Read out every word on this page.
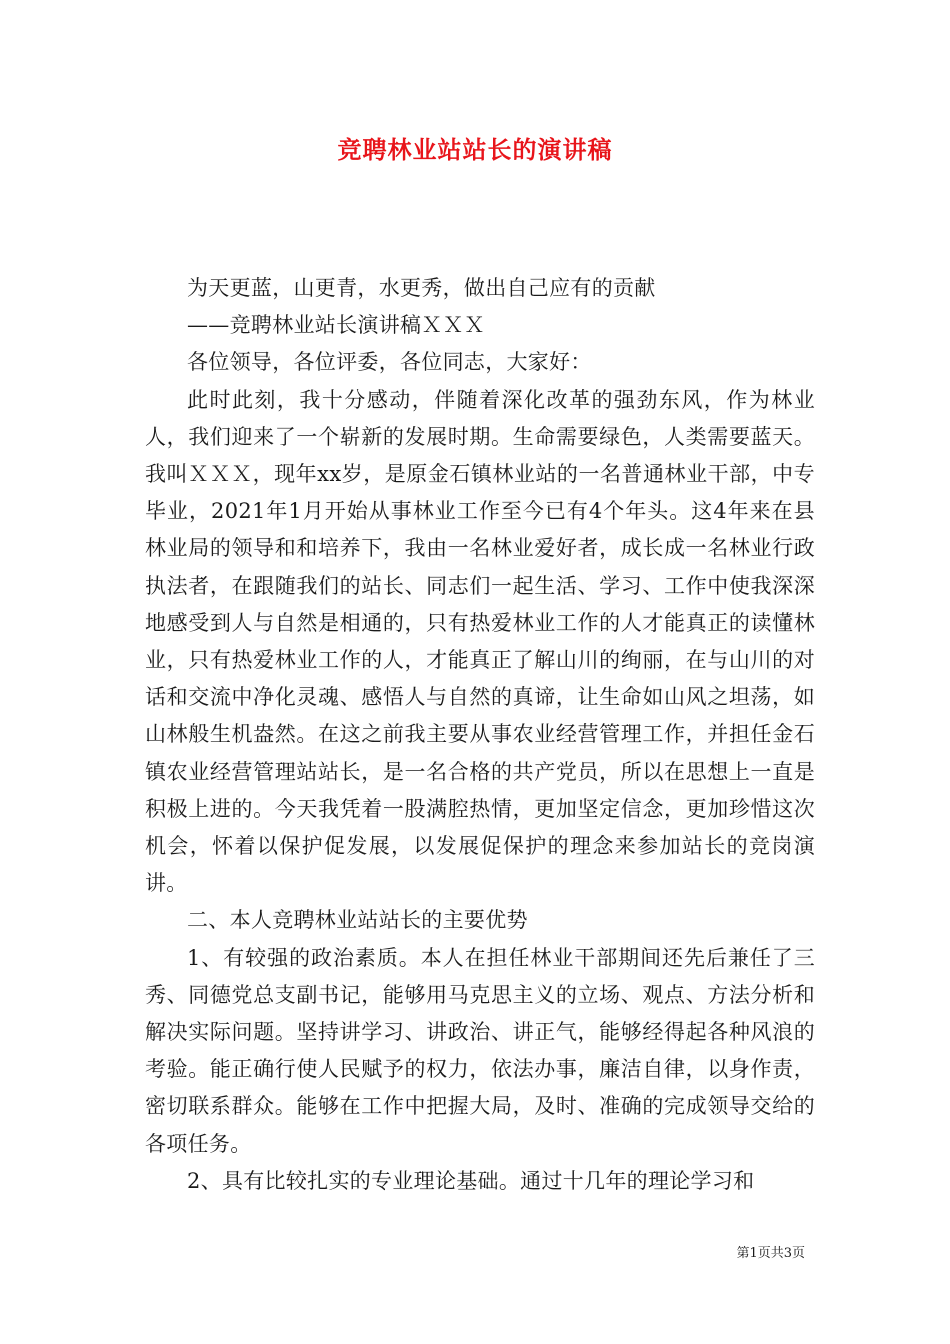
竞聘林业站站长的演讲稿

为天更蓝，山更青，水更秀，做出自己应有的贡献

——竞聘林业站长演讲稿ＸＸＸ

各位领导，各位评委，各位同志，大家好：

此时此刻，我十分感动，伴随着深化改革的强劲东风，作为林业人，我们迎来了一个崭新的发展时期。生命需要绿色，人类需要蓝天。我叫ＸＸＸ，现年xx岁，是原金石镇林业站的一名普通林业干部，中专毕业，2021年1月开始从事林业工作至今已有4个年头。这4年来在县林业局的领导和和培养下，我由一名林业爱好者，成长成一名林业行政执法者，在跟随我们的站长、同志们一起生活、学习、工作中使我深深地感受到人与自然是相通的，只有热爱林业工作的人才能真正的读懂林业，只有热爱林业工作的人，才能真正了解山川的绚丽，在与山川的对话和交流中净化灵魂、感悟人与自然的真谛，让生命如山风之坦荡，如山林般生机盎然。在这之前我主要从事农业经营管理工作，并担任金石镇农业经营管理站站长，是一名合格的共产党员，所以在思想上一直是积极上进的。今天我凭着一股满腔热情，更加坚定信念，更加珍惜这次机会，怀着以保护促发展，以发展促保护的理念来参加站长的竞岗演讲。

二、本人竞聘林业站站长的主要优势

1、有较强的政治素质。本人在担任林业干部期间还先后兼任了三秀、同德党总支副书记，能够用马克思主义的立场、观点、方法分析和解决实际问题。坚持讲学习、讲政治、讲正气，能够经得起各种风浪的考验。能正确行使人民赋予的权力，依法办事，廉洁自律，以身作责，密切联系群众。能够在工作中把握大局，及时、准确的完成领导交给的各项任务。

2、具有比较扎实的专业理论基础。通过十几年的理论学习和

第1页共3页
